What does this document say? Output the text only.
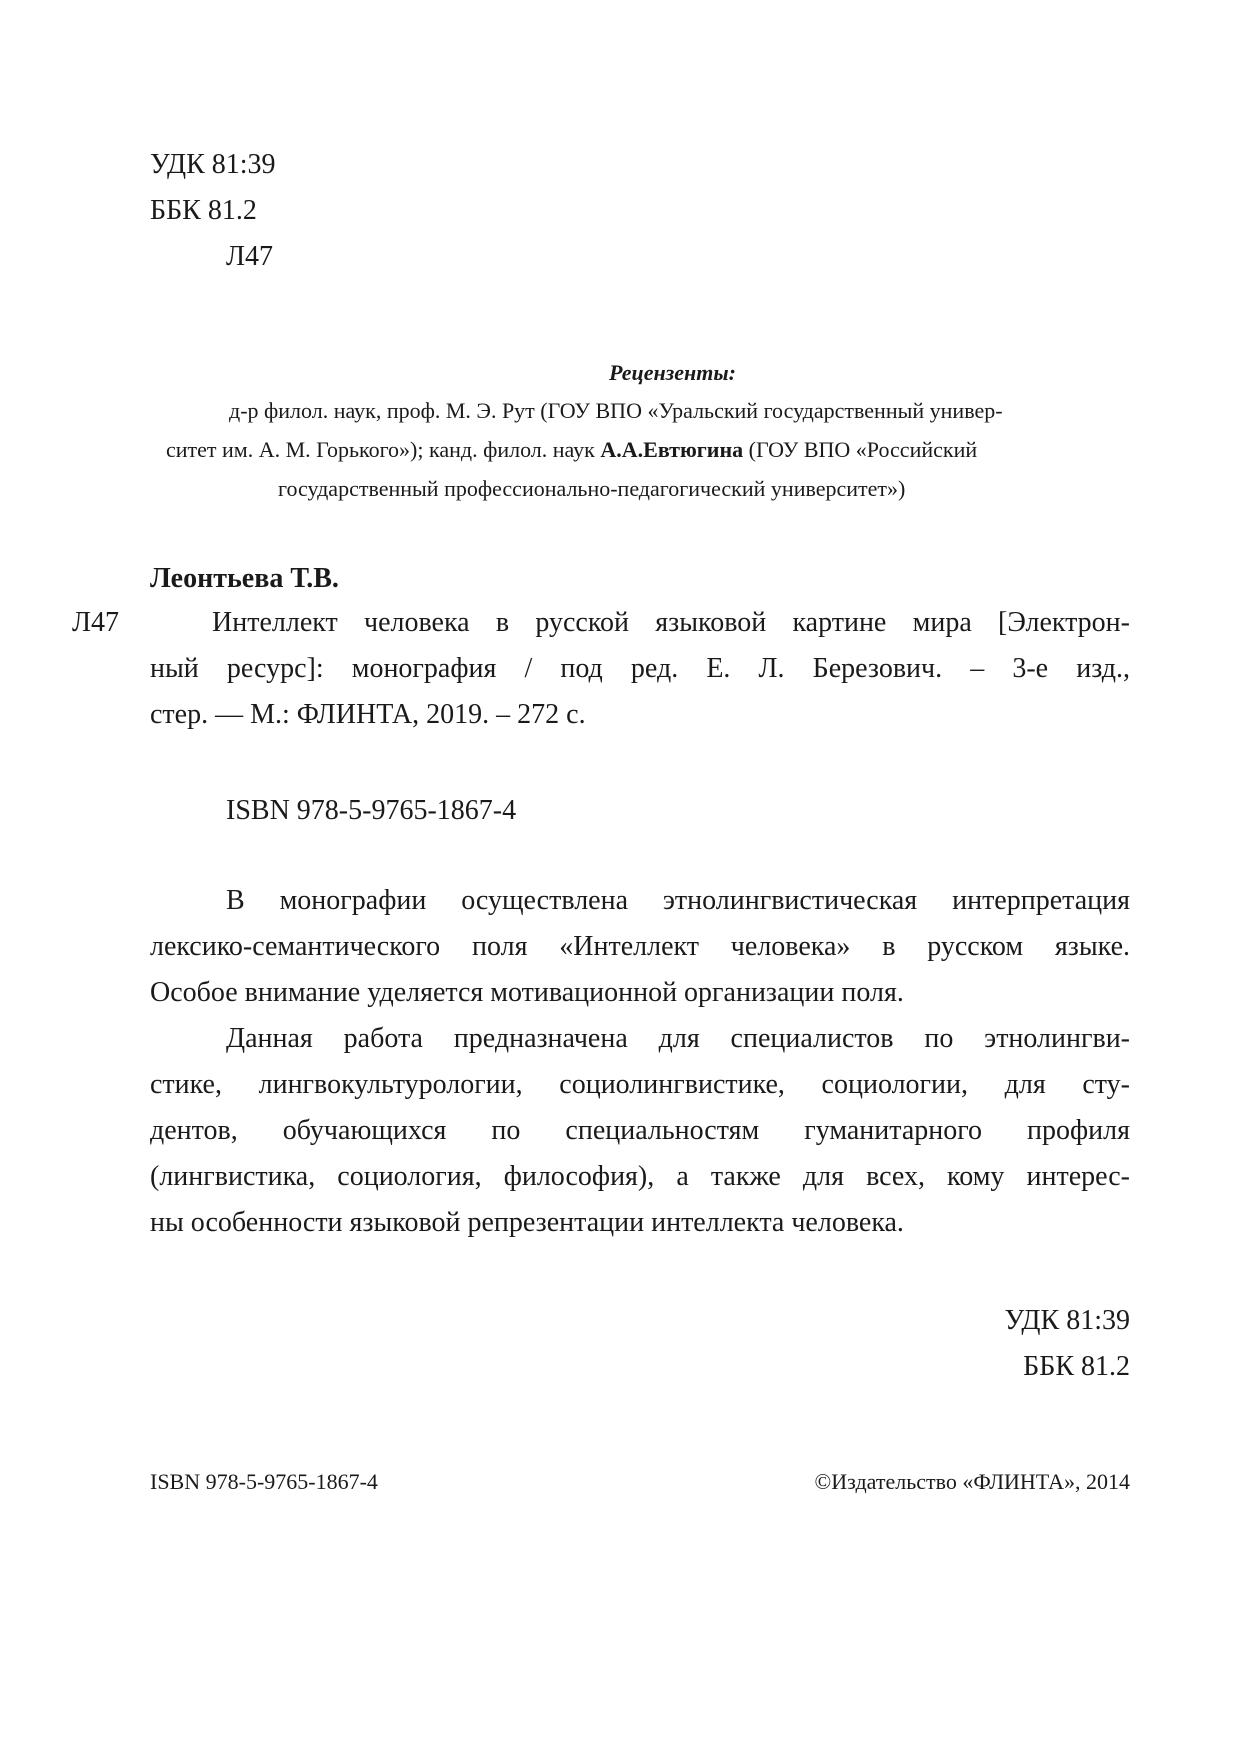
УДК 81:39
ББК 81.2
Л47
Рецензенты:
д-р филол. наук, проф. М. Э. Рут (ГОУ ВПО «Уральский государственный универ-
ситет им. А. М. Горького»); канд. филол. наук А.А.Евтюгина (ГОУ ВПО «Российский
государственный профессионально-педагогический университет»)
Леонтьева Т.В.
Л47	Интеллект человека в русской языковой картине мира [Электрон-
ный ресурс]: монография / под ред. Е. Л. Березович. – 3-е изд.,
стер. — М.: ФЛИНТА, 2019. – 272 с.
ISBN 978-5-9765-1867-4
В монографии осуществлена этнолингвистическая интерпретация
лексико-семантического поля «Интеллект человека» в русском языке.
Особое внимание уделяется мотивационной организации поля.
Данная работа предназначена для специалистов по этнолингви-
стике, лингвокультурологии, социолингвистике, социологии, для сту-
дентов, обучающихся по специальностям гуманитарного профиля
(лингвистика, социология, философия), а также для всех, кому интерес-
ны особенности языковой репрезентации интеллекта человека.
УДК 81:39
ББК 81.2
ISBN 978-5-9765-1867-4	©Издательство «ФЛИНТА», 2014
